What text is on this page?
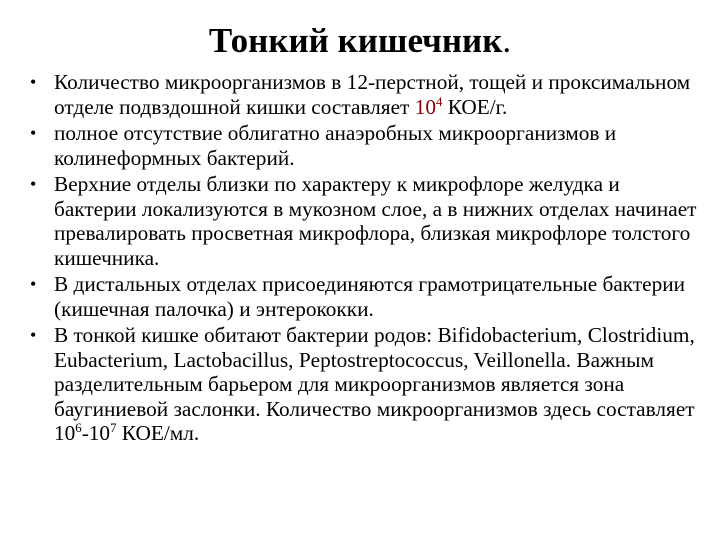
Тонкий кишечник.
• Количество микроорганизмов в 12-перстной, тощей и проксимальном отделе подвздошной кишки составляет $10^4$ КОЕ/г.
• полное отсутствие облигатно анаэробных микроорганизмов и колинеформных бактерий.
• Верхние отделы близки по характеру к микрофлоре желудка и бактерии локализуются в мукозном слое, а в нижних отделах начинает превалировать просветная микрофлора, близкая микрофлоре толстого кишечника.
• В дистальных отделах присоединяются грамотрицательные бактерии (кишечная палочка) и энтерококки.
• В тонкой кишке обитают бактерии родов: Bifidobacterium, Clostridium, Eubacterium, Lactobacillus, Peptostreptococcus, Veillonella. Важным разделительным барьером для микроорганизмов является зона баугиниевой заслонки. Количество микроорганизмов здесь составляет $10^6-10^7$ КОЕ/мл.
